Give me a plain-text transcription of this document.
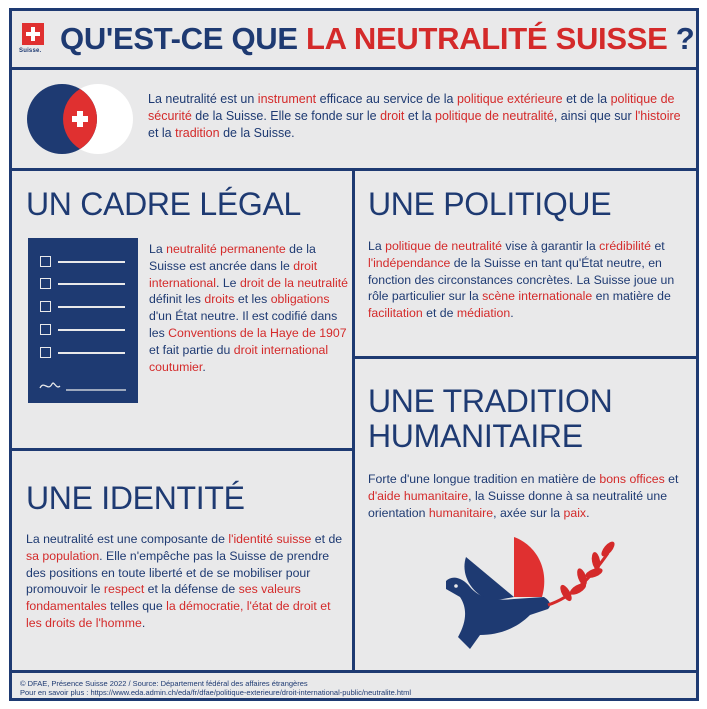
Suisse. QU'EST-CE QUE LA NEUTRALITÉ SUISSE ?
La neutralité est un instrument efficace au service de la politique extérieure et de la politique de sécurité de la Suisse. Elle se fonde sur le droit et la politique de neutralité, ainsi que sur l'histoire et la tradition de la Suisse.
UN CADRE LÉGAL
La neutralité permanente de la Suisse est ancrée dans le droit international. Le droit de la neutralité définit les droits et les obligations d'un État neutre. Il est codifié dans les Conventions de la Haye de 1907 et fait partie du droit international coutumier.
UNE POLITIQUE
La politique de neutralité vise à garantir la crédibilité et l'indépendance de la Suisse en tant qu'État neutre, en fonction des circonstances concrètes. La Suisse joue un rôle particulier sur la scène internationale en matière de facilitation et de médiation.
UNE TRADITION
HUMANITAIRE
Forte d'une longue tradition en matière de bons offices et d'aide humanitaire, la Suisse donne à sa neutralité une orientation humanitaire, axée sur la paix.
UNE IDENTITÉ
La neutralité est une composante de l'identité suisse et de sa population. Elle n'empêche pas la Suisse de prendre des positions en toute liberté et de se mobiliser pour promouvoir le respect et la défense de ses valeurs fondamentales telles que la démocratie, l'état de droit et les droits de l'homme.
© DFAE, Présence Suisse 2022 / Source: Département fédéral des affaires étrangères
Pour en savoir plus : https://www.eda.admin.ch/eda/fr/dfae/politique-exterieure/droit-international-public/neutralite.html
